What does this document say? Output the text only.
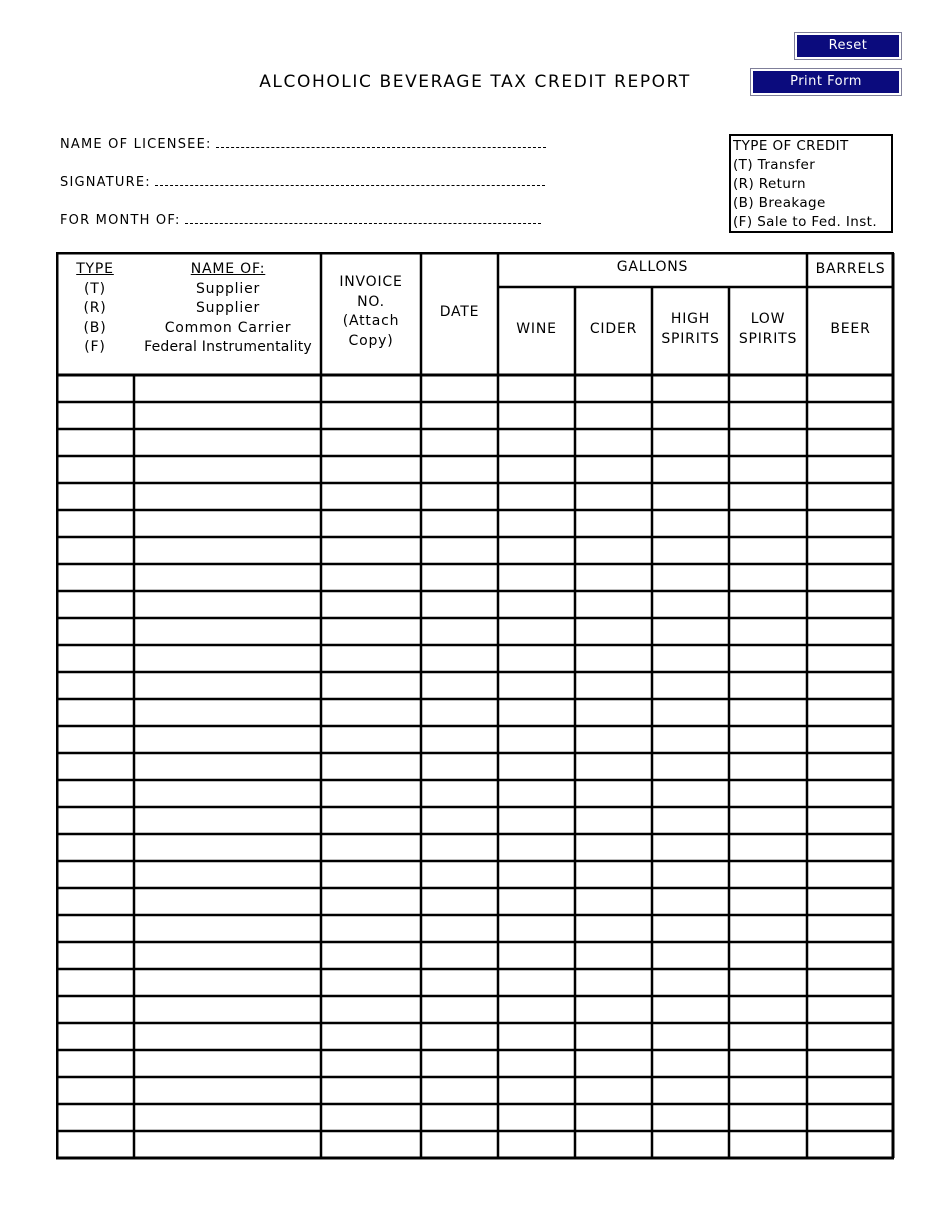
Reset
Print Form
ALCOHOLIC BEVERAGE TAX CREDIT REPORT
NAME OF LICENSEE:
SIGNATURE:
FOR MONTH OF:
TYPE OF CREDIT
(T) Transfer
(R) Return
(B) Breakage
(F) Sale to Fed. Inst.
TYPE
(T)
(R)
(B)
(F)
NAME OF:
Supplier
Supplier
Common Carrier
Federal Instrumentality
INVOICE
NO.
(Attach
Copy)
DATE
GALLONS	BARRELS
WINE	CIDER
HIGH
SPIRITS
LOW
SPIRITS
BEER
